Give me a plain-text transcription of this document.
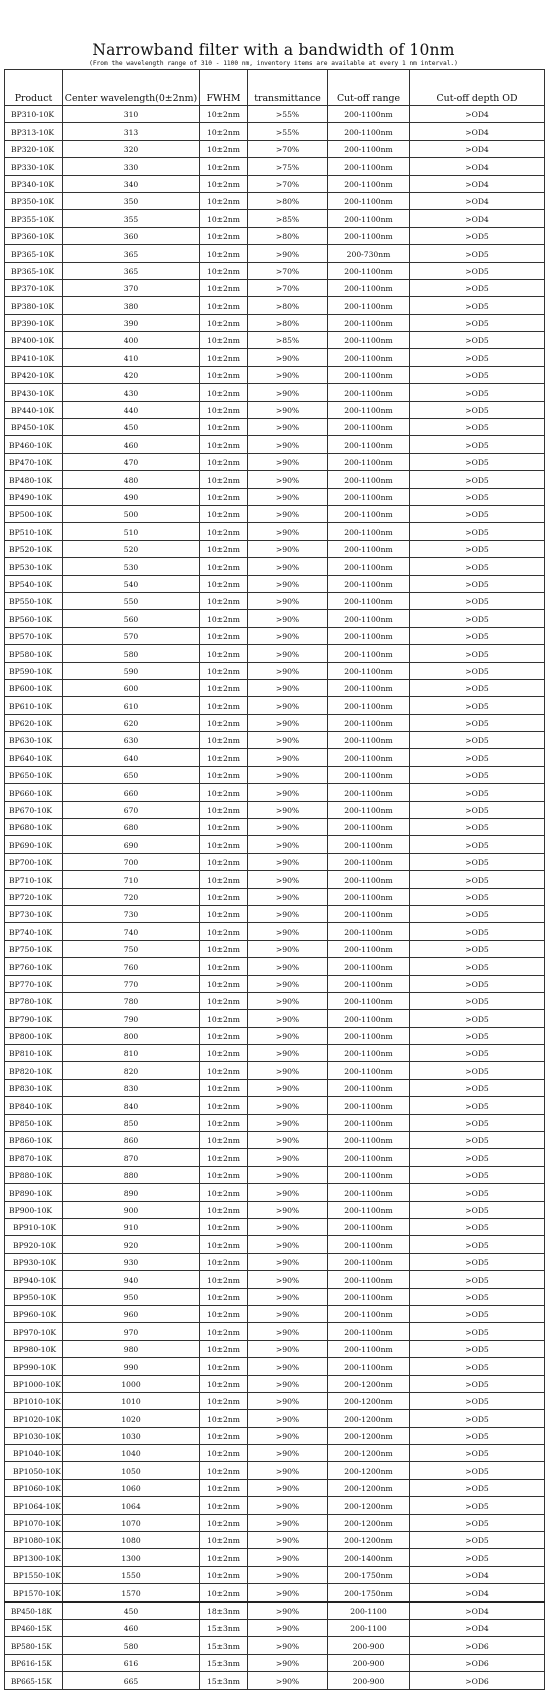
Narrowband filter with a bandwidth of 10nm
(From the wavelength range of 310 - 1100 nm, inventory items are available at every 1 nm interval.)
Product	Center wavelength(0±2nm)	FWHM	transmittance	Cut-off range	Cut-off depth OD
BP310-10K	310	10±2nm	>55%	200-1100nm	>OD4
BP313-10K	313	10±2nm	>55%	200-1100nm	>OD4
BP320-10K	320	10±2nm	>70%	200-1100nm	>OD4
BP330-10K	330	10±2nm	>75%	200-1100nm	>OD4
BP340-10K	340	10±2nm	>70%	200-1100nm	>OD4
BP350-10K	350	10±2nm	>80%	200-1100nm	>OD4
BP355-10K	355	10±2nm	>85%	200-1100nm	>OD4
BP360-10K	360	10±2nm	>80%	200-1100nm	>OD5
BP365-10K	365	10±2nm	>90%	200-730nm	>OD5
BP365-10K	365	10±2nm	>70%	200-1100nm	>OD5
BP370-10K	370	10±2nm	>70%	200-1100nm	>OD5
BP380-10K	380	10±2nm	>80%	200-1100nm	>OD5
BP390-10K	390	10±2nm	>80%	200-1100nm	>OD5
BP400-10K	400	10±2nm	>85%	200-1100nm	>OD5
BP410-10K	410	10±2nm	>90%	200-1100nm	>OD5
BP420-10K	420	10±2nm	>90%	200-1100nm	>OD5
BP430-10K	430	10±2nm	>90%	200-1100nm	>OD5
BP440-10K	440	10±2nm	>90%	200-1100nm	>OD5
BP450-10K	450	10±2nm	>90%	200-1100nm	>OD5
BP460-10K	460	10±2nm	>90%	200-1100nm	>OD5
BP470-10K	470	10±2nm	>90%	200-1100nm	>OD5
BP480-10K	480	10±2nm	>90%	200-1100nm	>OD5
BP490-10K	490	10±2nm	>90%	200-1100nm	>OD5
BP500-10K	500	10±2nm	>90%	200-1100nm	>OD5
BP510-10K	510	10±2nm	>90%	200-1100nm	>OD5
BP520-10K	520	10±2nm	>90%	200-1100nm	>OD5
BP530-10K	530	10±2nm	>90%	200-1100nm	>OD5
BP540-10K	540	10±2nm	>90%	200-1100nm	>OD5
BP550-10K	550	10±2nm	>90%	200-1100nm	>OD5
BP560-10K	560	10±2nm	>90%	200-1100nm	>OD5
BP570-10K	570	10±2nm	>90%	200-1100nm	>OD5
BP580-10K	580	10±2nm	>90%	200-1100nm	>OD5
BP590-10K	590	10±2nm	>90%	200-1100nm	>OD5
BP600-10K	600	10±2nm	>90%	200-1100nm	>OD5
BP610-10K	610	10±2nm	>90%	200-1100nm	>OD5
BP620-10K	620	10±2nm	>90%	200-1100nm	>OD5
BP630-10K	630	10±2nm	>90%	200-1100nm	>OD5
BP640-10K	640	10±2nm	>90%	200-1100nm	>OD5
BP650-10K	650	10±2nm	>90%	200-1100nm	>OD5
BP660-10K	660	10±2nm	>90%	200-1100nm	>OD5
BP670-10K	670	10±2nm	>90%	200-1100nm	>OD5
BP680-10K	680	10±2nm	>90%	200-1100nm	>OD5
BP690-10K	690	10±2nm	>90%	200-1100nm	>OD5
BP700-10K	700	10±2nm	>90%	200-1100nm	>OD5
BP710-10K	710	10±2nm	>90%	200-1100nm	>OD5
BP720-10K	720	10±2nm	>90%	200-1100nm	>OD5
BP730-10K	730	10±2nm	>90%	200-1100nm	>OD5
BP740-10K	740	10±2nm	>90%	200-1100nm	>OD5
BP750-10K	750	10±2nm	>90%	200-1100nm	>OD5
BP760-10K	760	10±2nm	>90%	200-1100nm	>OD5
BP770-10K	770	10±2nm	>90%	200-1100nm	>OD5
BP780-10K	780	10±2nm	>90%	200-1100nm	>OD5
BP790-10K	790	10±2nm	>90%	200-1100nm	>OD5
BP800-10K	800	10±2nm	>90%	200-1100nm	>OD5
BP810-10K	810	10±2nm	>90%	200-1100nm	>OD5
BP820-10K	820	10±2nm	>90%	200-1100nm	>OD5
BP830-10K	830	10±2nm	>90%	200-1100nm	>OD5
BP840-10K	840	10±2nm	>90%	200-1100nm	>OD5
BP850-10K	850	10±2nm	>90%	200-1100nm	>OD5
BP860-10K	860	10±2nm	>90%	200-1100nm	>OD5
BP870-10K	870	10±2nm	>90%	200-1100nm	>OD5
BP880-10K	880	10±2nm	>90%	200-1100nm	>OD5
BP890-10K	890	10±2nm	>90%	200-1100nm	>OD5
BP900-10K	900	10±2nm	>90%	200-1100nm	>OD5
BP910-10K	910	10±2nm	>90%	200-1100nm	>OD5
BP920-10K	920	10±2nm	>90%	200-1100nm	>OD5
BP930-10K	930	10±2nm	>90%	200-1100nm	>OD5
BP940-10K	940	10±2nm	>90%	200-1100nm	>OD5
BP950-10K	950	10±2nm	>90%	200-1100nm	>OD5
BP960-10K	960	10±2nm	>90%	200-1100nm	>OD5
BP970-10K	970	10±2nm	>90%	200-1100nm	>OD5
BP980-10K	980	10±2nm	>90%	200-1100nm	>OD5
BP990-10K	990	10±2nm	>90%	200-1100nm	>OD5
BP1000-10K	1000	10±2nm	>90%	200-1200nm	>OD5
BP1010-10K	1010	10±2nm	>90%	200-1200nm	>OD5
BP1020-10K	1020	10±2nm	>90%	200-1200nm	>OD5
BP1030-10K	1030	10±2nm	>90%	200-1200nm	>OD5
BP1040-10K	1040	10±2nm	>90%	200-1200nm	>OD5
BP1050-10K	1050	10±2nm	>90%	200-1200nm	>OD5
BP1060-10K	1060	10±2nm	>90%	200-1200nm	>OD5
BP1064-10K	1064	10±2nm	>90%	200-1200nm	>OD5
BP1070-10K	1070	10±2nm	>90%	200-1200nm	>OD5
BP1080-10K	1080	10±2nm	>90%	200-1200nm	>OD5
BP1300-10K	1300	10±2nm	>90%	200-1400nm	>OD5
BP1550-10K	1550	10±2nm	>90%	200-1750nm	>OD4
BP1570-10K	1570	10±2nm	>90%	200-1750nm	>OD4
BP450-18K	450	18±3nm	>90%	200-1100	>OD4
BP460-15K	460	15±3nm	>90%	200-1100	>OD4
BP580-15K	580	15±3nm	>90%	200-900	>OD6
BP616-15K	616	15±3nm	>90%	200-900	>OD6
BP665-15K	665	15±3nm	>90%	200-900	>OD6
